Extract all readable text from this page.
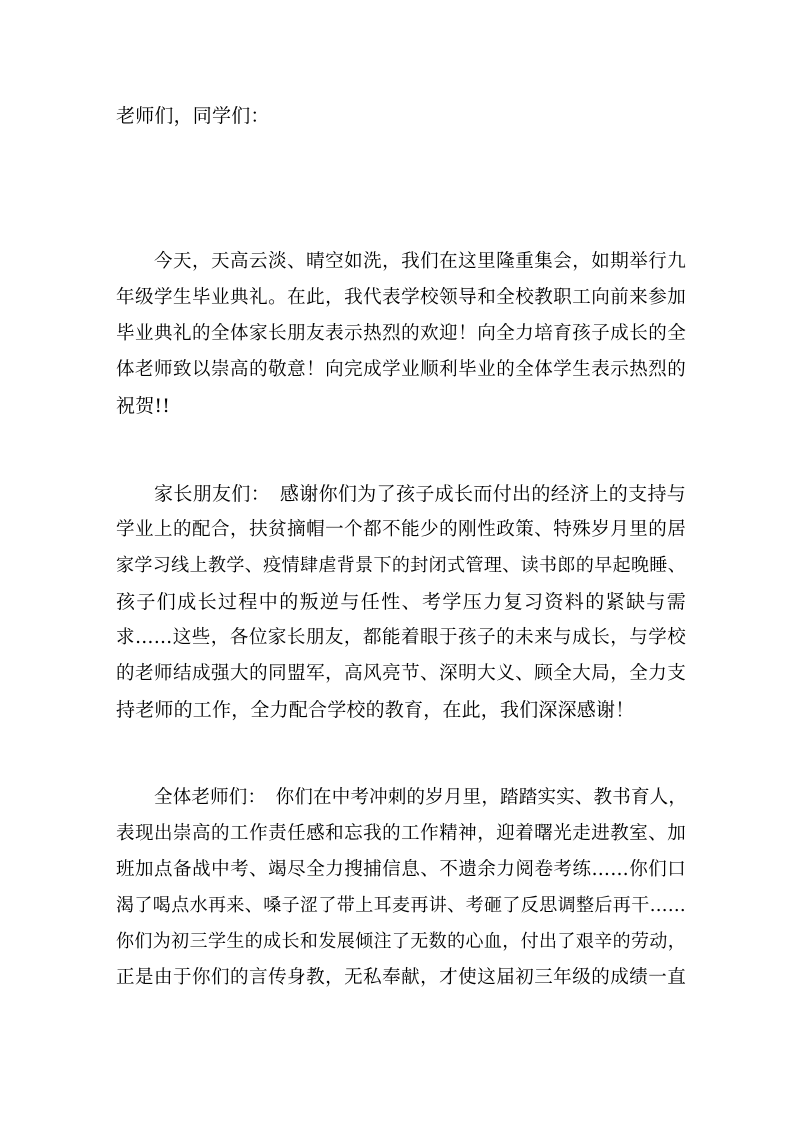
老师们，同学们：
今天，天高云淡、晴空如洗，我们在这里隆重集会，如期举行九
年级学生毕业典礼。在此，我代表学校领导和全校教职工向前来参加
毕业典礼的全体家长朋友表示热烈的欢迎！向全力培育孩子成长的全
体老师致以崇高的敬意！向完成学业顺利毕业的全体学生表示热烈的
祝贺!!
家长朋友们：　感谢你们为了孩子成长而付出的经济上的支持与
学业上的配合，扶贫摘帽一个都不能少的刚性政策、特殊岁月里的居
家学习线上教学、疫情肆虐背景下的封闭式管理、读书郎的早起晚睡、
孩子们成长过程中的叛逆与任性、考学压力复习资料的紧缺与需
求……这些，各位家长朋友，都能着眼于孩子的未来与成长，与学校
的老师结成强大的同盟军，高风亮节、深明大义、顾全大局，全力支
持老师的工作，全力配合学校的教育，在此，我们深深感谢！
全体老师们：　你们在中考冲刺的岁月里，踏踏实实、教书育人，
表现出崇高的工作责任感和忘我的工作精神，迎着曙光走进教室、加
班加点备战中考、竭尽全力搜捕信息、不遗余力阅卷考练……你们口
渴了喝点水再来、嗓子涩了带上耳麦再讲、考砸了反思调整后再干……
你们为初三学生的成长和发展倾注了无数的心血，付出了艰辛的劳动，
正是由于你们的言传身教，无私奉献，才使这届初三年级的成绩一直
